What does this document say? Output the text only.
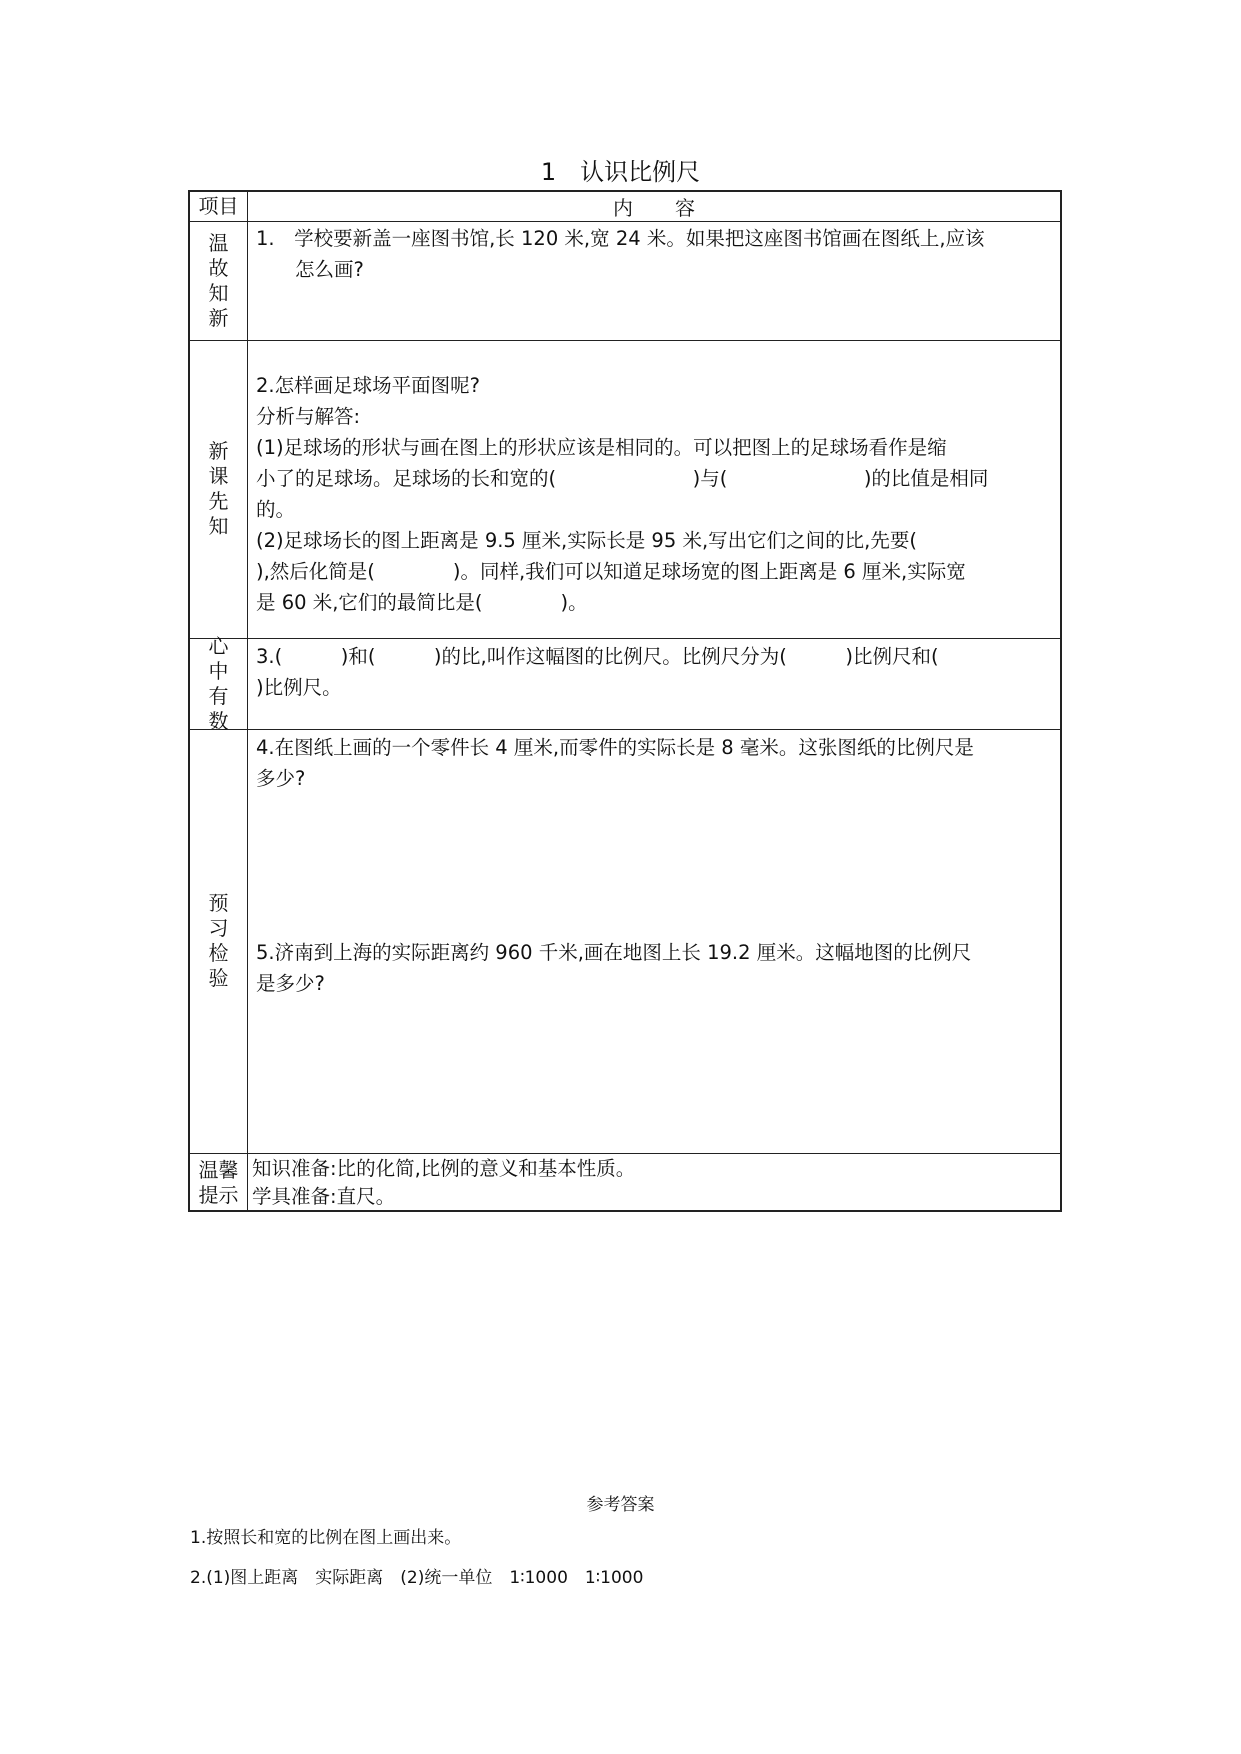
1　认识比例尺
项目	内容
温故知新
1.　学校要新盖一座图书馆,长 120 米,宽 24 米。如果把这座图书馆画在图纸上,应该
　　怎么画?
新课先知
2.怎样画足球场平面图呢?
分析与解答:
(1)足球场的形状与画在图上的形状应该是相同的。可以把图上的足球场看作是缩
小了的足球场。足球场的长和宽的(　　　　　　　)与(　　　　　　　)的比值是相同
的。
(2)足球场长的图上距离是 9.5 厘米,实际长是 95 米,写出它们之间的比,先要(　　　　
),然后化简是(　　　　)。同样,我们可以知道足球场宽的图上距离是 6 厘米,实际宽
是 60 米,它们的最简比是(　　　　)。
心中有数
3.(　　　)和(　　　)的比,叫作这幅图的比例尺。比例尺分为(　　　)比例尺和(
)比例尺。
预习检验
4.在图纸上画的一个零件长 4 厘米,而零件的实际长是 8 毫米。这张图纸的比例尺是
多少?
5.济南到上海的实际距离约 960 千米,画在地图上长 19.2 厘米。这幅地图的比例尺
是多少?
温馨提示
知识准备:比的化简,比例的意义和基本性质。
学具准备:直尺。
参考答案
1.按照长和宽的比例在图上画出来。
2.(1)图上距离　实际距离　(2)统一单位　1∶1000　1∶1000
